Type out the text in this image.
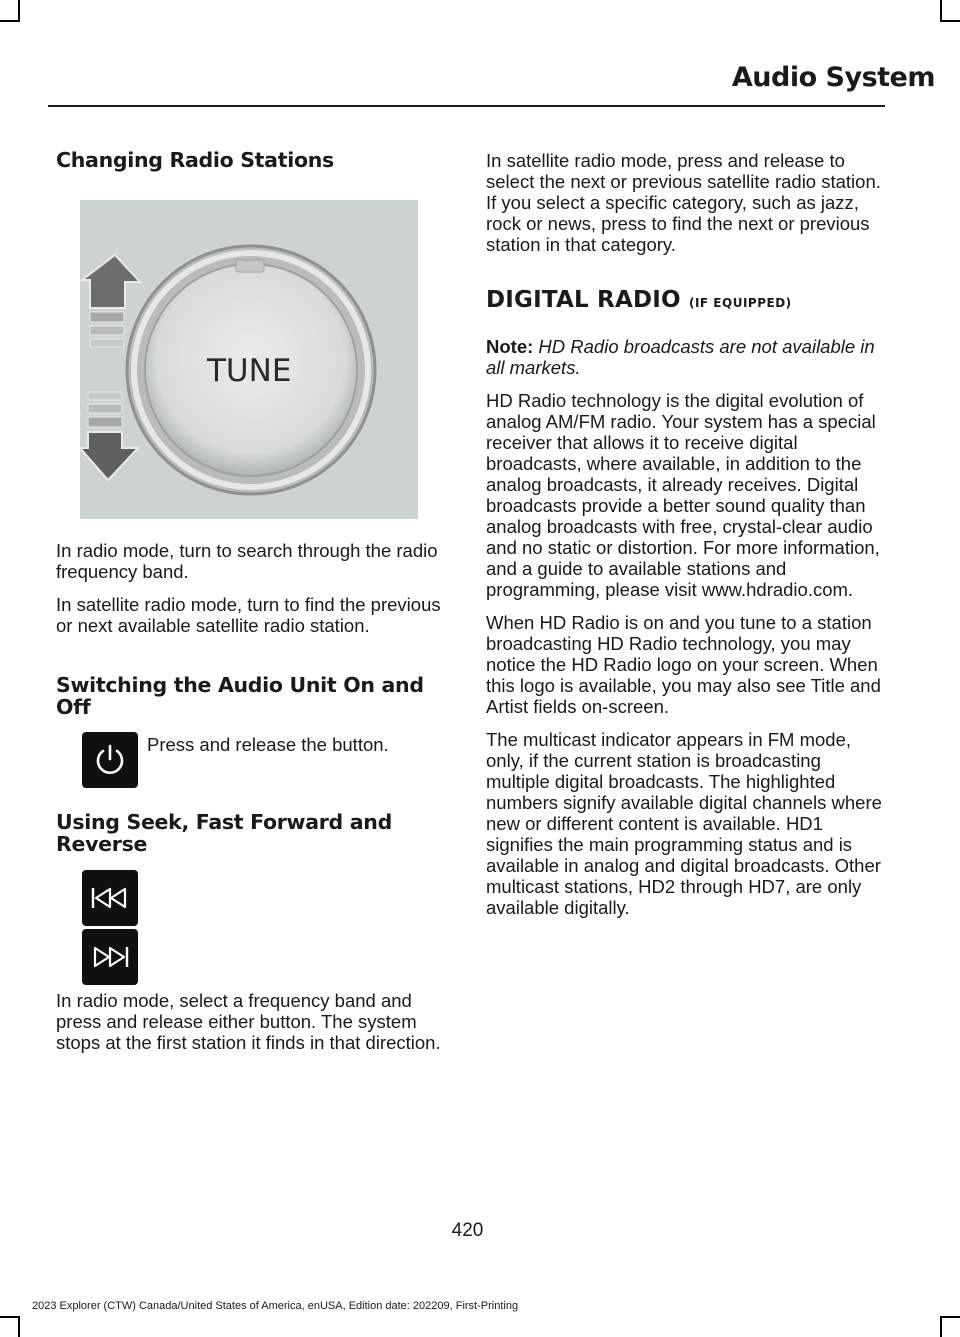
Audio System
Changing Radio Stations
TUNE

In radio mode, turn to search through the radio frequency band.

In satellite radio mode, turn to find the previous or next available satellite radio station.

Switching the Audio Unit On and Off
Press and release the button.
Using Seek, Fast Forward and Reverse

In radio mode, select a frequency band and press and release either button. The system stops at the first station it finds in that direction.

In satellite radio mode, press and release to select the next or previous satellite radio station. If you select a specific category, such as jazz, rock or news, press to find the next or previous station in that category.

DIGITAL RADIO (IF EQUIPPED)

Note: HD Radio broadcasts are not available in all markets.

HD Radio technology is the digital evolution of analog AM/FM radio. Your system has a special receiver that allows it to receive digital broadcasts, where available, in addition to the analog broadcasts, it already receives. Digital broadcasts provide a better sound quality than analog broadcasts with free, crystal-clear audio and no static or distortion. For more information, and a guide to available stations and programming, please visit www.hdradio.com.

When HD Radio is on and you tune to a station broadcasting HD Radio technology, you may notice the HD Radio logo on your screen. When this logo is available, you may also see Title and Artist fields on-screen.

The multicast indicator appears in FM mode, only, if the current station is broadcasting multiple digital broadcasts. The highlighted numbers signify available digital channels where new or different content is available. HD1 signifies the main programming status and is available in analog and digital broadcasts. Other multicast stations, HD2 through HD7, are only available digitally.

420
2023 Explorer (CTW) Canada/United States of America, enUSA, Edition date: 202209, First-Printing
